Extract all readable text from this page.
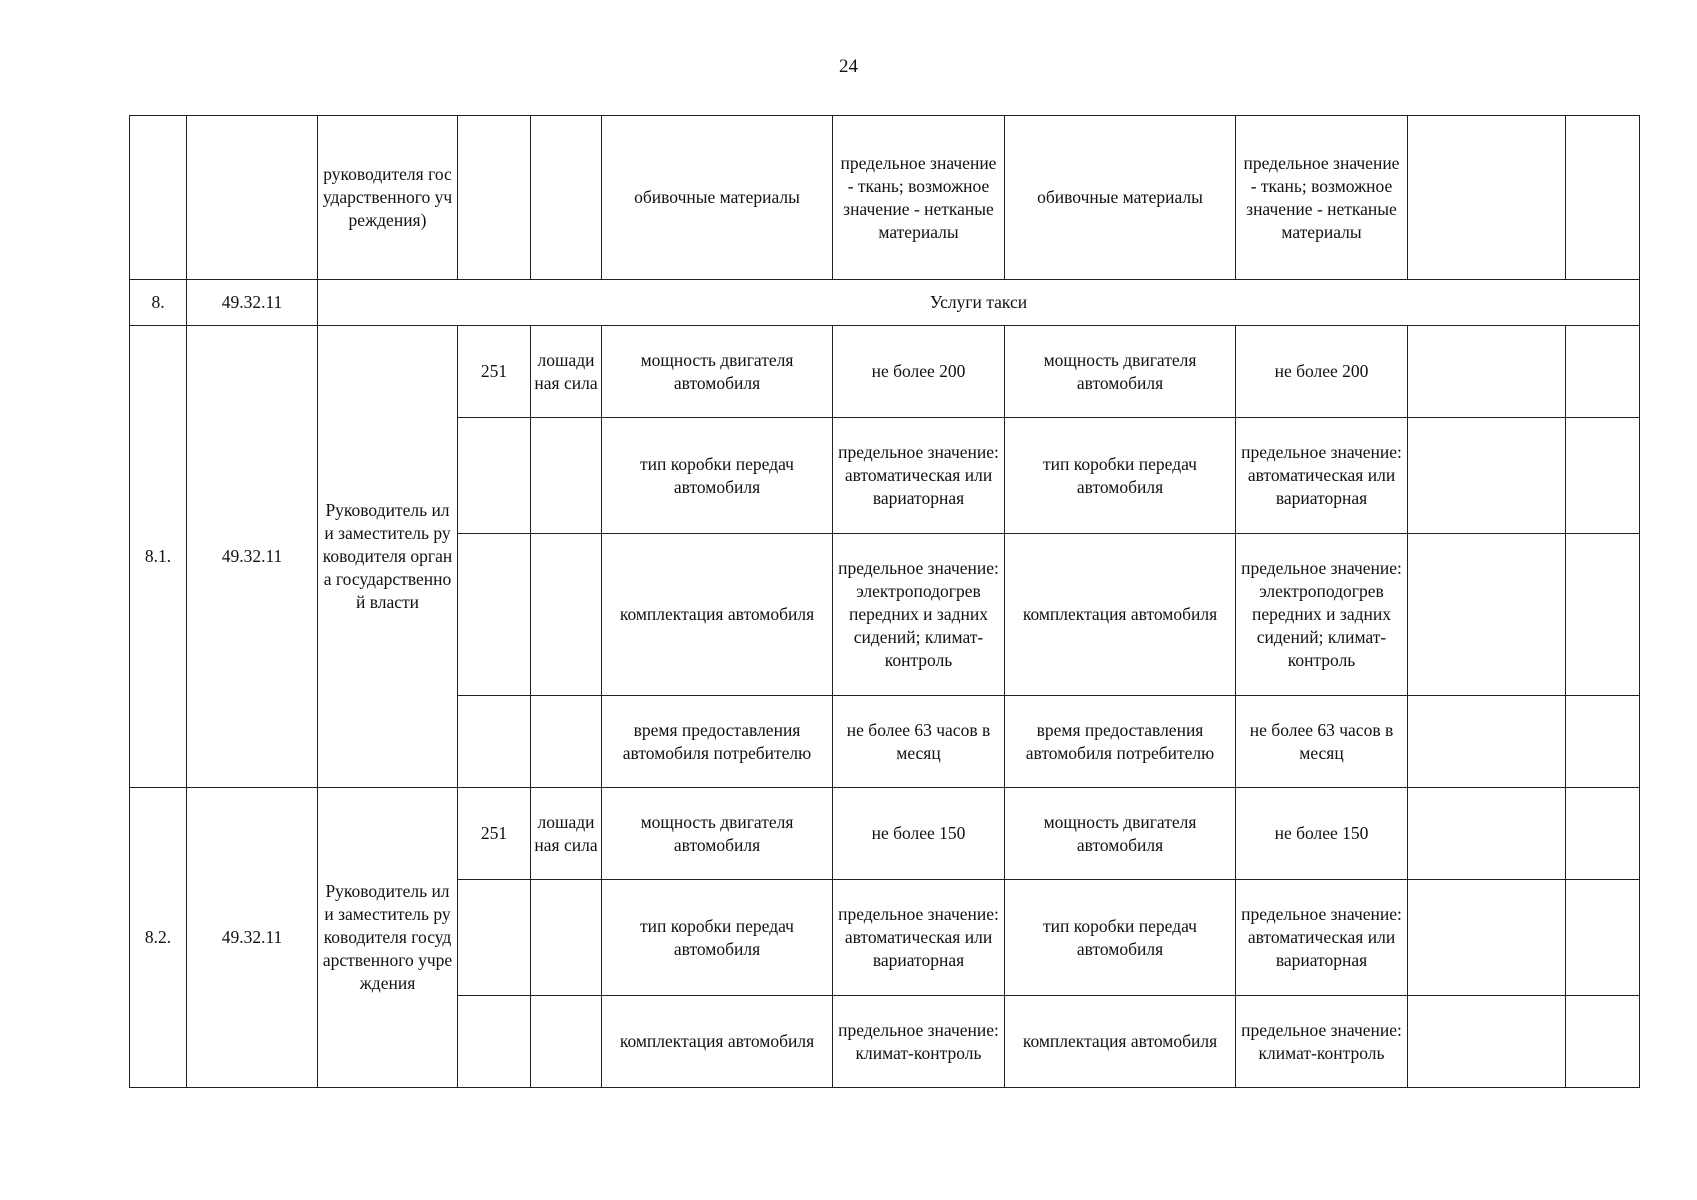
24
		руководителя государственного учреждения)			обивочные материалы	предельное значение - ткань; возможное значение - нетканые материалы	обивочные материалы	предельное значение - ткань; возможное значение - нетканые материалы		
8.	49.32.11	Услуги такси								
8.1.	49.32.11	Руководитель или заместитель руководителя органа государственной власти	251	лошадиная сила	мощность двигателя автомобиля	не более 200	мощность двигателя автомобиля	не более 200		
					тип коробки передач автомобиля	предельное значение: автоматическая или вариаторная	тип коробки передач автомобиля	предельное значение: автоматическая или вариаторная		
					комплектация автомобиля	предельное значение: электроподогрев передних и задних сидений; климат-контроль	комплектация автомобиля	предельное значение: электроподогрев передних и задних сидений; климат-контроль		
					время предоставления автомобиля потребителю	не более 63 часов в месяц	время предоставления автомобиля потребителю	не более 63 часов в месяц		
8.2.	49.32.11	Руководитель или заместитель руководителя государственного учреждения	251	лошадиная сила	мощность двигателя автомобиля	не более 150	мощность двигателя автомобиля	не более 150		
					тип коробки передач автомобиля	предельное значение: автоматическая или вариаторная	тип коробки передач автомобиля	предельное значение: автоматическая или вариаторная		
					комплектация автомобиля	предельное значение: климат-контроль	комплектация автомобиля	предельное значение: климат-контроль		
